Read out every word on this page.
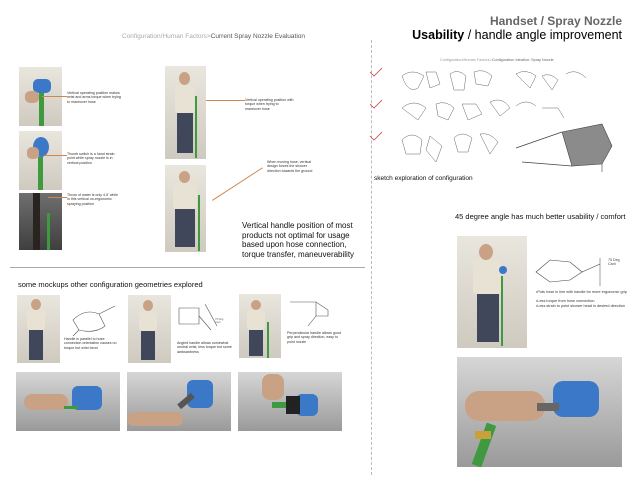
Handset / Spray Nozzle
Usability / handle angle improvement
Configuration/Human Factors>Current Spray Nozzle Evaluation
Vertical operating position makes wrist and arms torque when trying to maneuver hose
Thumb switch is a hand strain point while spray nozzle is in vertical position
Throw of water is only 4-5' while in this vertical un-ergonomic spraying position
Vertical operating position with torque when trying to maneuver hose
When moving hose, vertical design forces the shower direction towards the ground
Vertical handle position of most products not optimal for usage based upon hose connection, torque transfer, maneuverability
some mockups other configuration geometries explored
Handle is parallel to hose: connection orientation causes no torque but wrist bend
75 Deg Cant
Angled handle allows somewhat neutral wrist, less torque but some awkwardness
Perpendicular handle allows good grip and spray direction, easy to point nozzle
Configuration/Human Factors>Configuration Ideation: Spray Nozzle
sketch exploration of configuration
45 degree angle has much better usability / comfort
75 Deg Cant
•Puts hose in line with handle for more ergonomic grip
•Less torque from hose connection
•Less strain to point shower head in desired direction
